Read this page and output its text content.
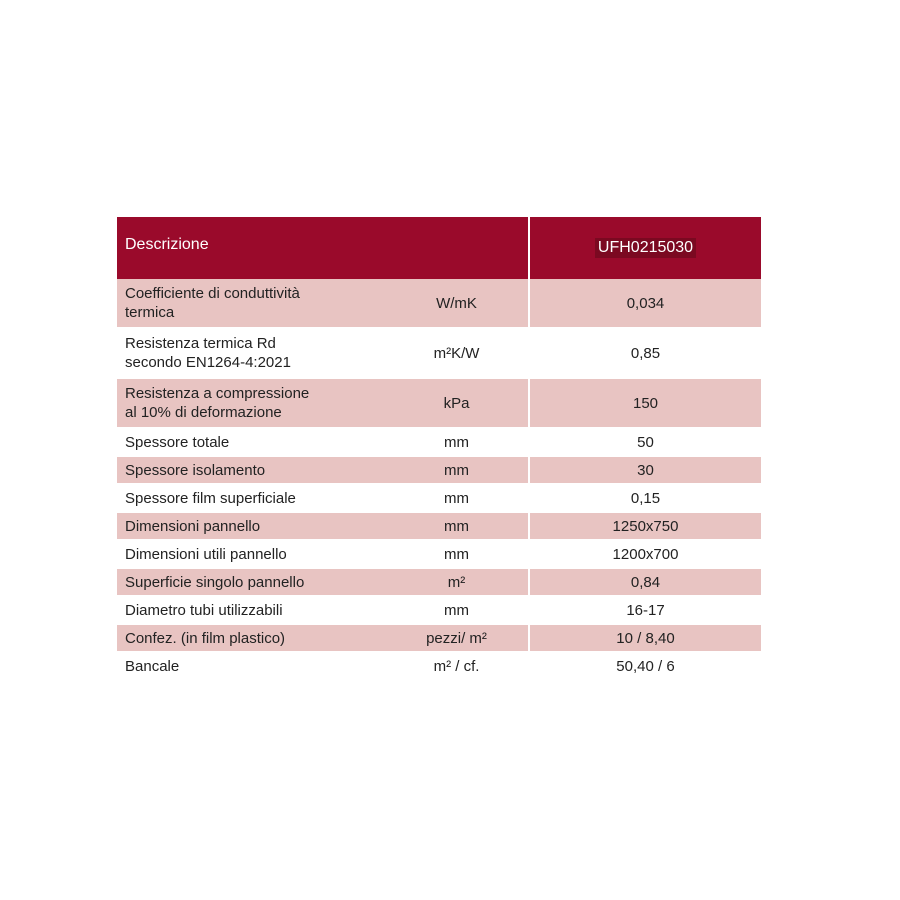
Descrizione		UFH0215030
Coefficiente di conduttività
termica	W/mK	0,034
Resistenza termica Rd
secondo EN1264-4:2021	m²K/W	0,85
Resistenza a compressione
al 10% di deformazione	kPa	150
Spessore totale	mm	50
Spessore isolamento	mm	30
Spessore film superficiale	mm	0,15
Dimensioni pannello	mm	1250x750
Dimensioni utili pannello	mm	1200x700
Superficie singolo pannello	m²	0,84
Diametro tubi utilizzabili	mm	16-17
Confez. (in film plastico)	pezzi/ m²	10 / 8,40
Bancale	m² / cf.	50,40 / 6
